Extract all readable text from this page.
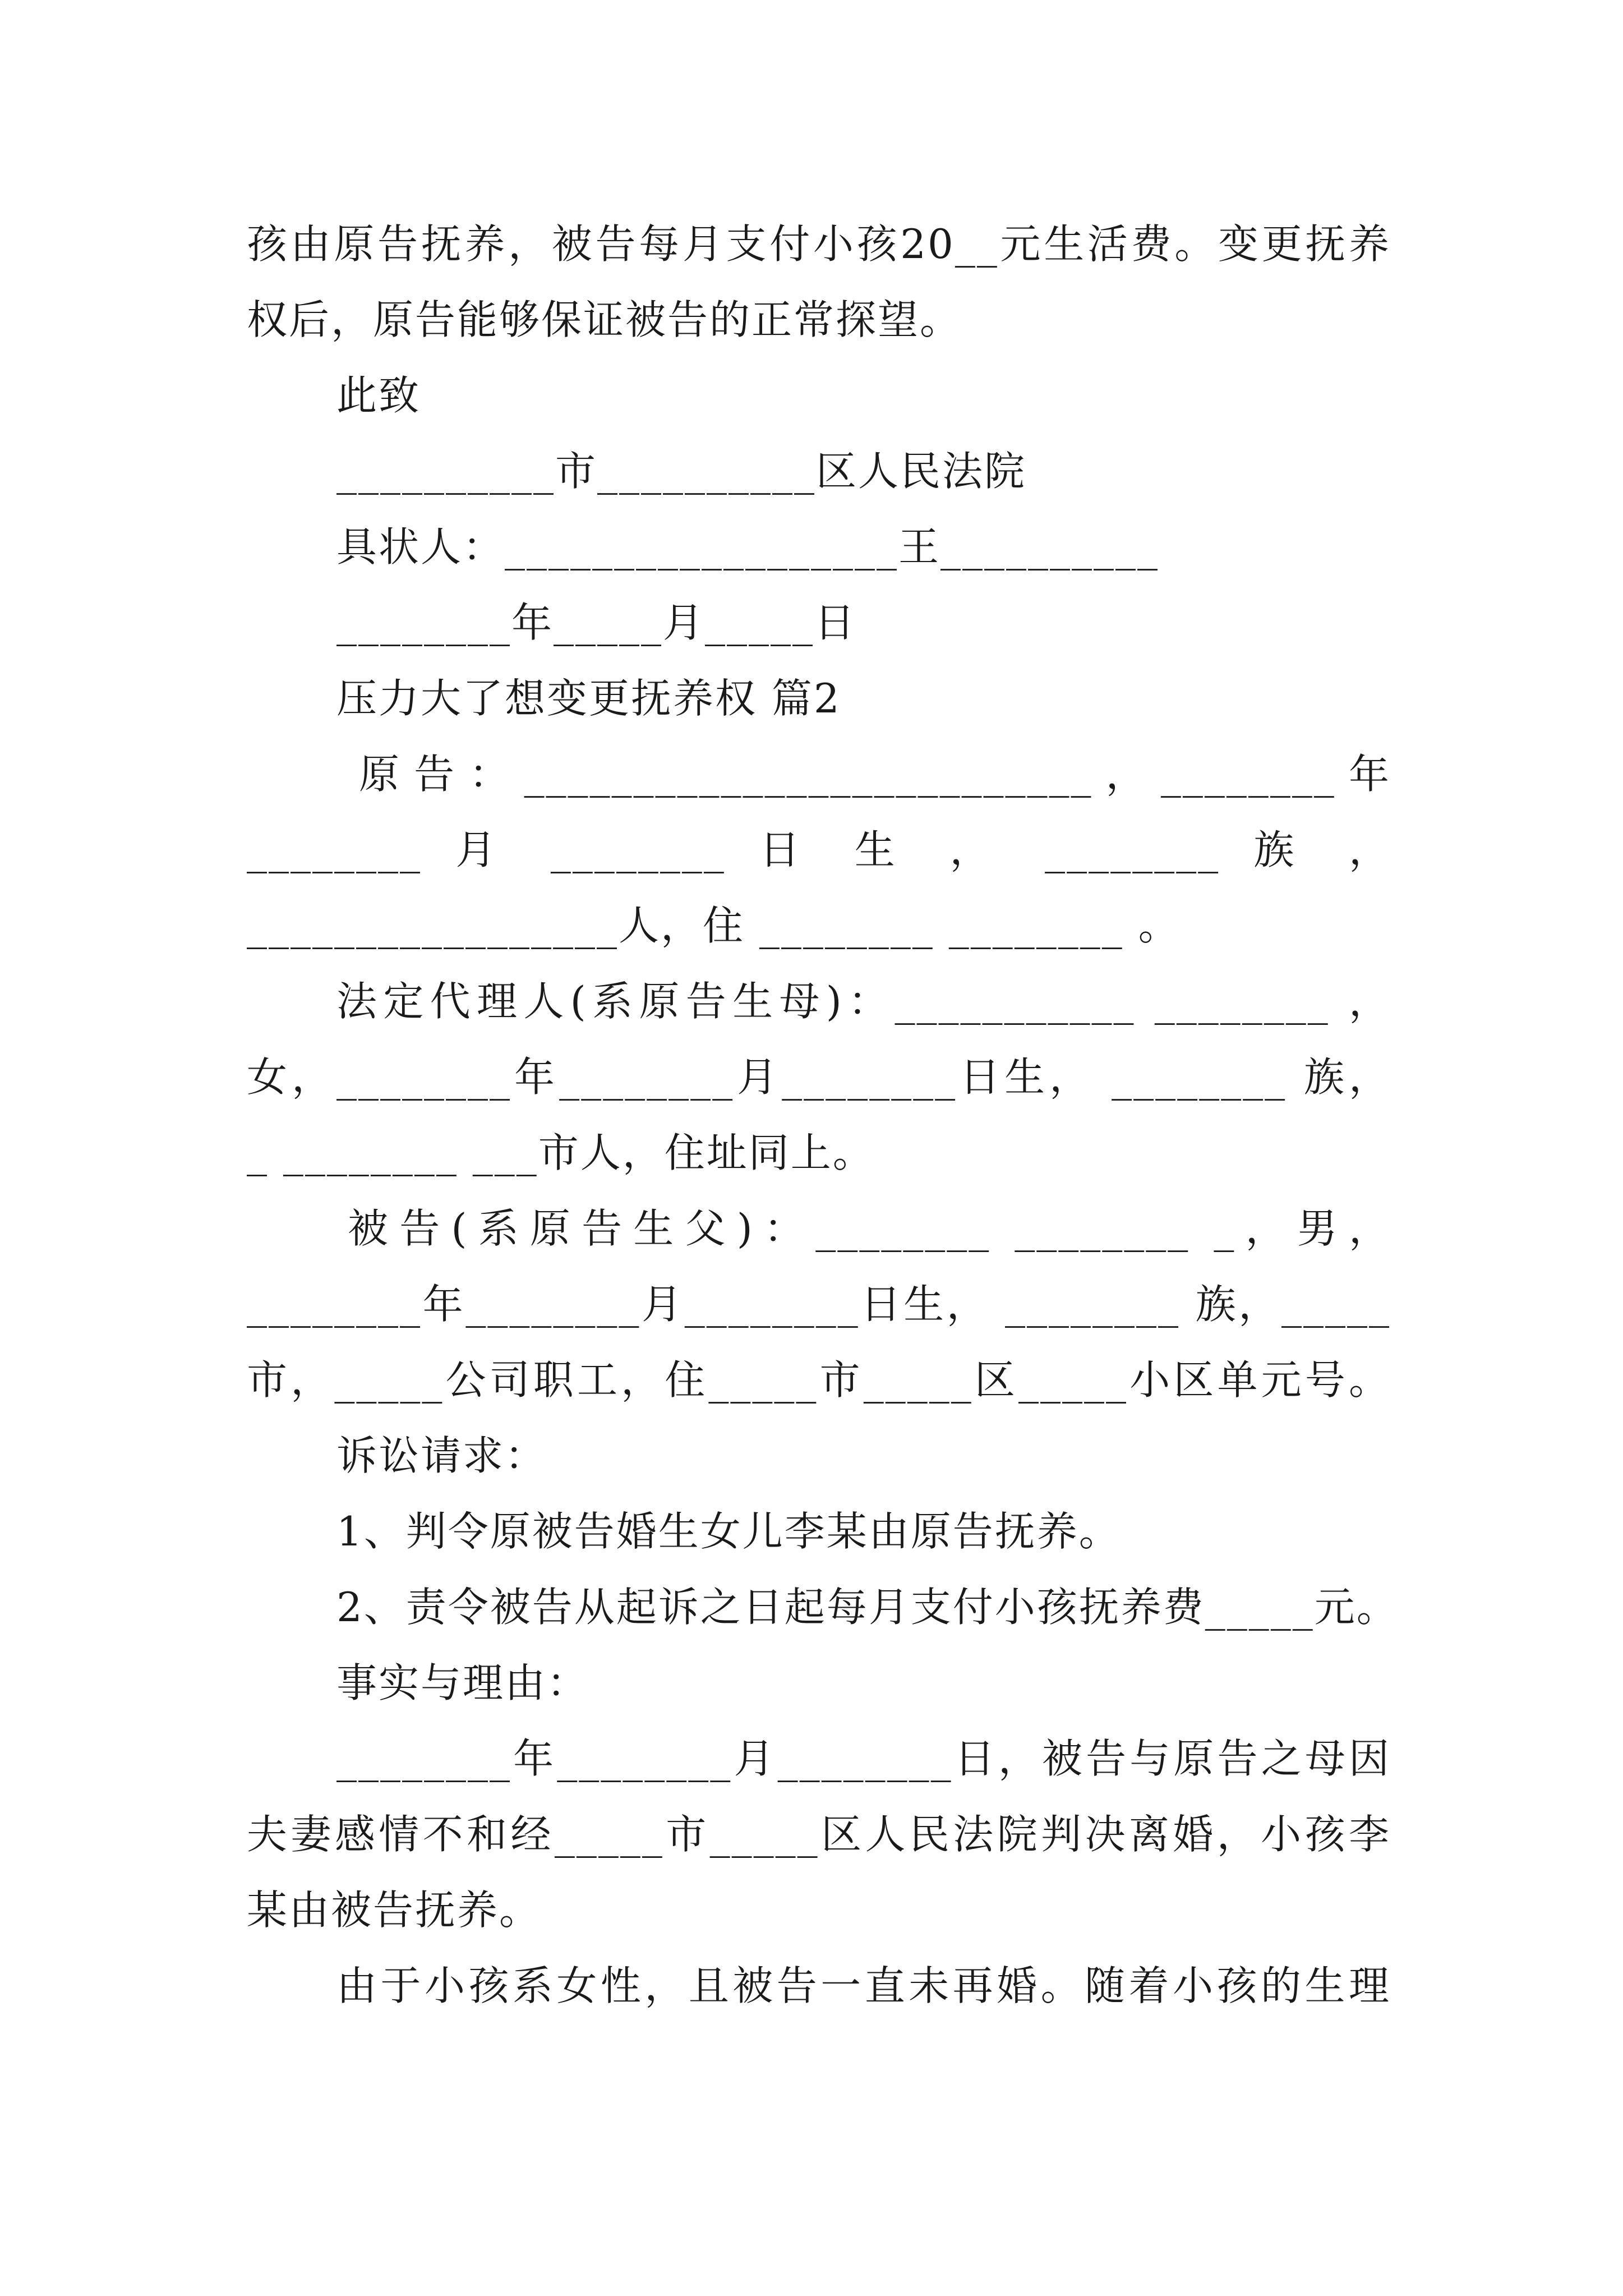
孩由原告抚养，被告每月支付小孩20__元生活费。变更抚养
权后，原告能够保证被告的正常探望。
此致
__________市__________区人民法院
具状人：__________________王__________
________年_____月_____日
压力大了想变更抚养权 篇2
原告：__________________________，________年
________ 月 ________ 日 生 ， ________ 族 ，
_________________人，住 ________ ________ 。
法定代理人(系原告生母)：___________ ________ ，
女，________年________月________日生， ________ 族，
_ ________ ___市人，住址同上。
被告(系原告生父)：________ ________ _，男，
________年________月________日生， ________ 族，_____
市，_____公司职工，住_____市_____区_____小区单元号。
诉讼请求：
1、判令原被告婚生女儿李某由原告抚养。
2、责令被告从起诉之日起每月支付小孩抚养费_____元。
事实与理由：
________年________月________日，被告与原告之母因
夫妻感情不和经_____市_____区人民法院判决离婚，小孩李
某由被告抚养。
由于小孩系女性，且被告一直未再婚。随着小孩的生理
